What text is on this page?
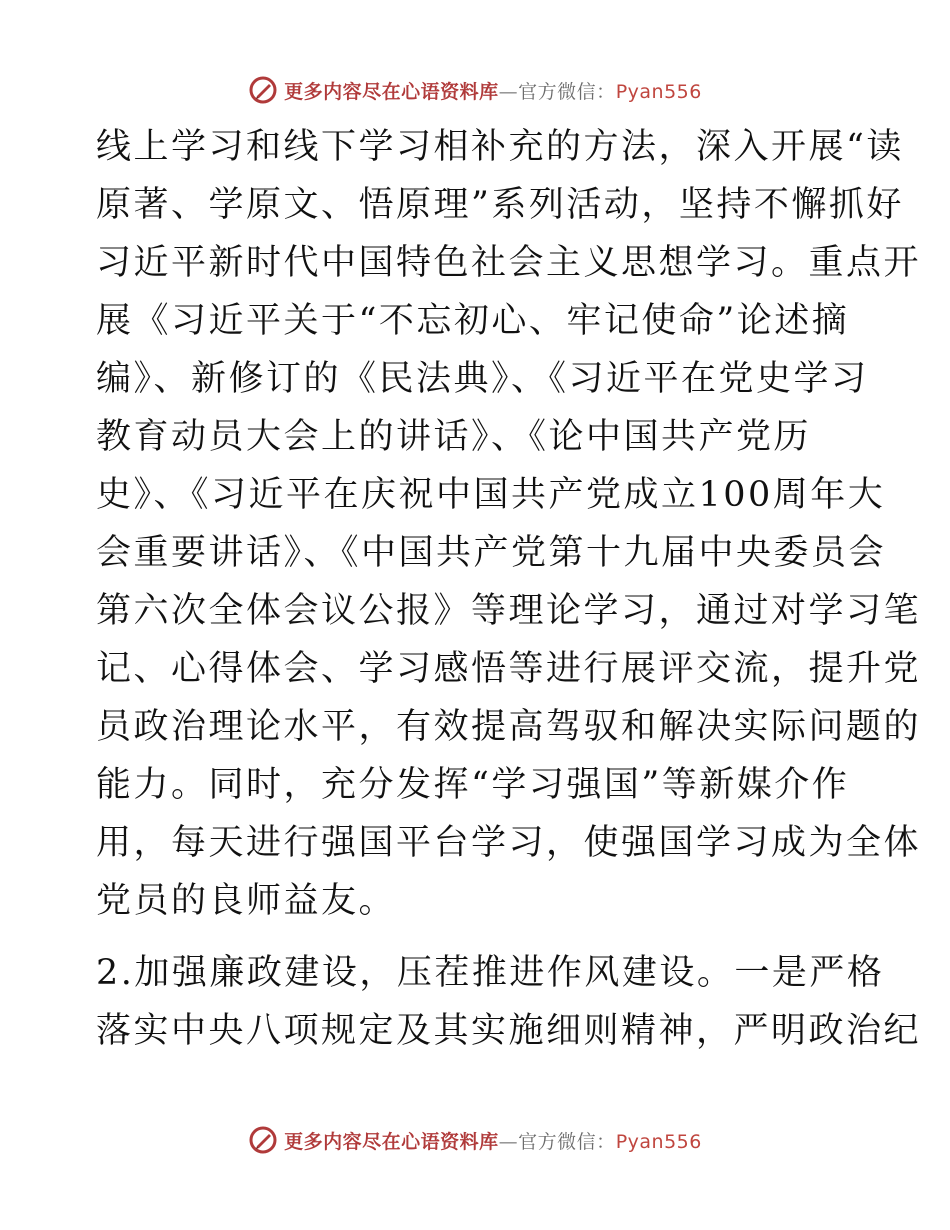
更多内容尽在心语资料库—官方微信：Pyan556
线上学习和线下学习相补充的方法，深入开展“读
原著、学原文、悟原理”系列活动，坚持不懈抓好
习近平新时代中国特色社会主义思想学习。重点开
展《习近平关于“不忘初心、牢记使命”论述摘
编》、新修订的《民法典》、《习近平在党史学习
教育动员大会上的讲话》、《论中国共产党历
史》、《习近平在庆祝中国共产党成立100周年大
会重要讲话》、《中国共产党第十九届中央委员会
第六次全体会议公报》等理论学习，通过对学习笔
记、心得体会、学习感悟等进行展评交流，提升党
员政治理论水平，有效提高驾驭和解决实际问题的
能力。同时，充分发挥“学习强国”等新媒介作
用，每天进行强国平台学习，使强国学习成为全体
党员的良师益友。
2.加强廉政建设，压茬推进作风建设。一是严格
落实中央八项规定及其实施细则精神，严明政治纪
更多内容尽在心语资料库—官方微信：Pyan556
